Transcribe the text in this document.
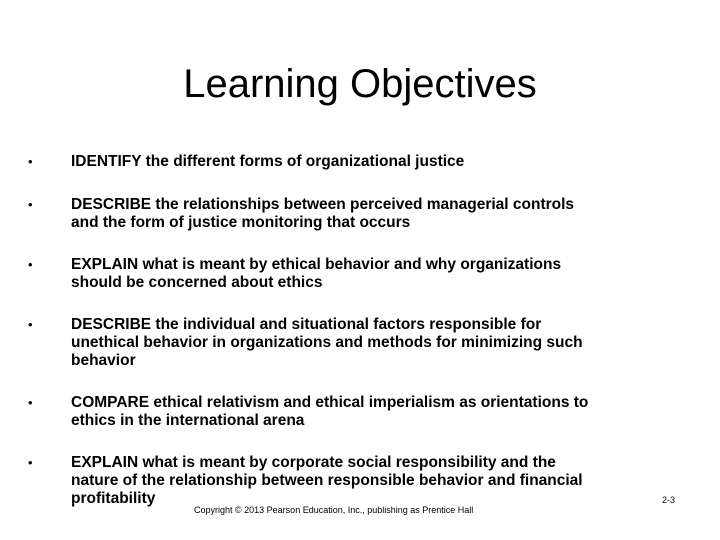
Learning Objectives
• IDENTIFY the different forms of organizational justice
• DESCRIBE the relationships between perceived managerial controls
and the form of justice monitoring that occurs
• EXPLAIN what is meant by ethical behavior and why organizations
should be concerned about ethics
• DESCRIBE the individual and situational factors responsible for
unethical behavior in organizations and methods for minimizing such
behavior
• COMPARE ethical relativism and ethical imperialism as orientations to
ethics in the international arena
• EXPLAIN what is meant by corporate social responsibility and the
nature of the relationship between responsible behavior and financial
profitability
Copyright © 2013 Pearson Education, Inc., publishing as Prentice Hall
2-3
